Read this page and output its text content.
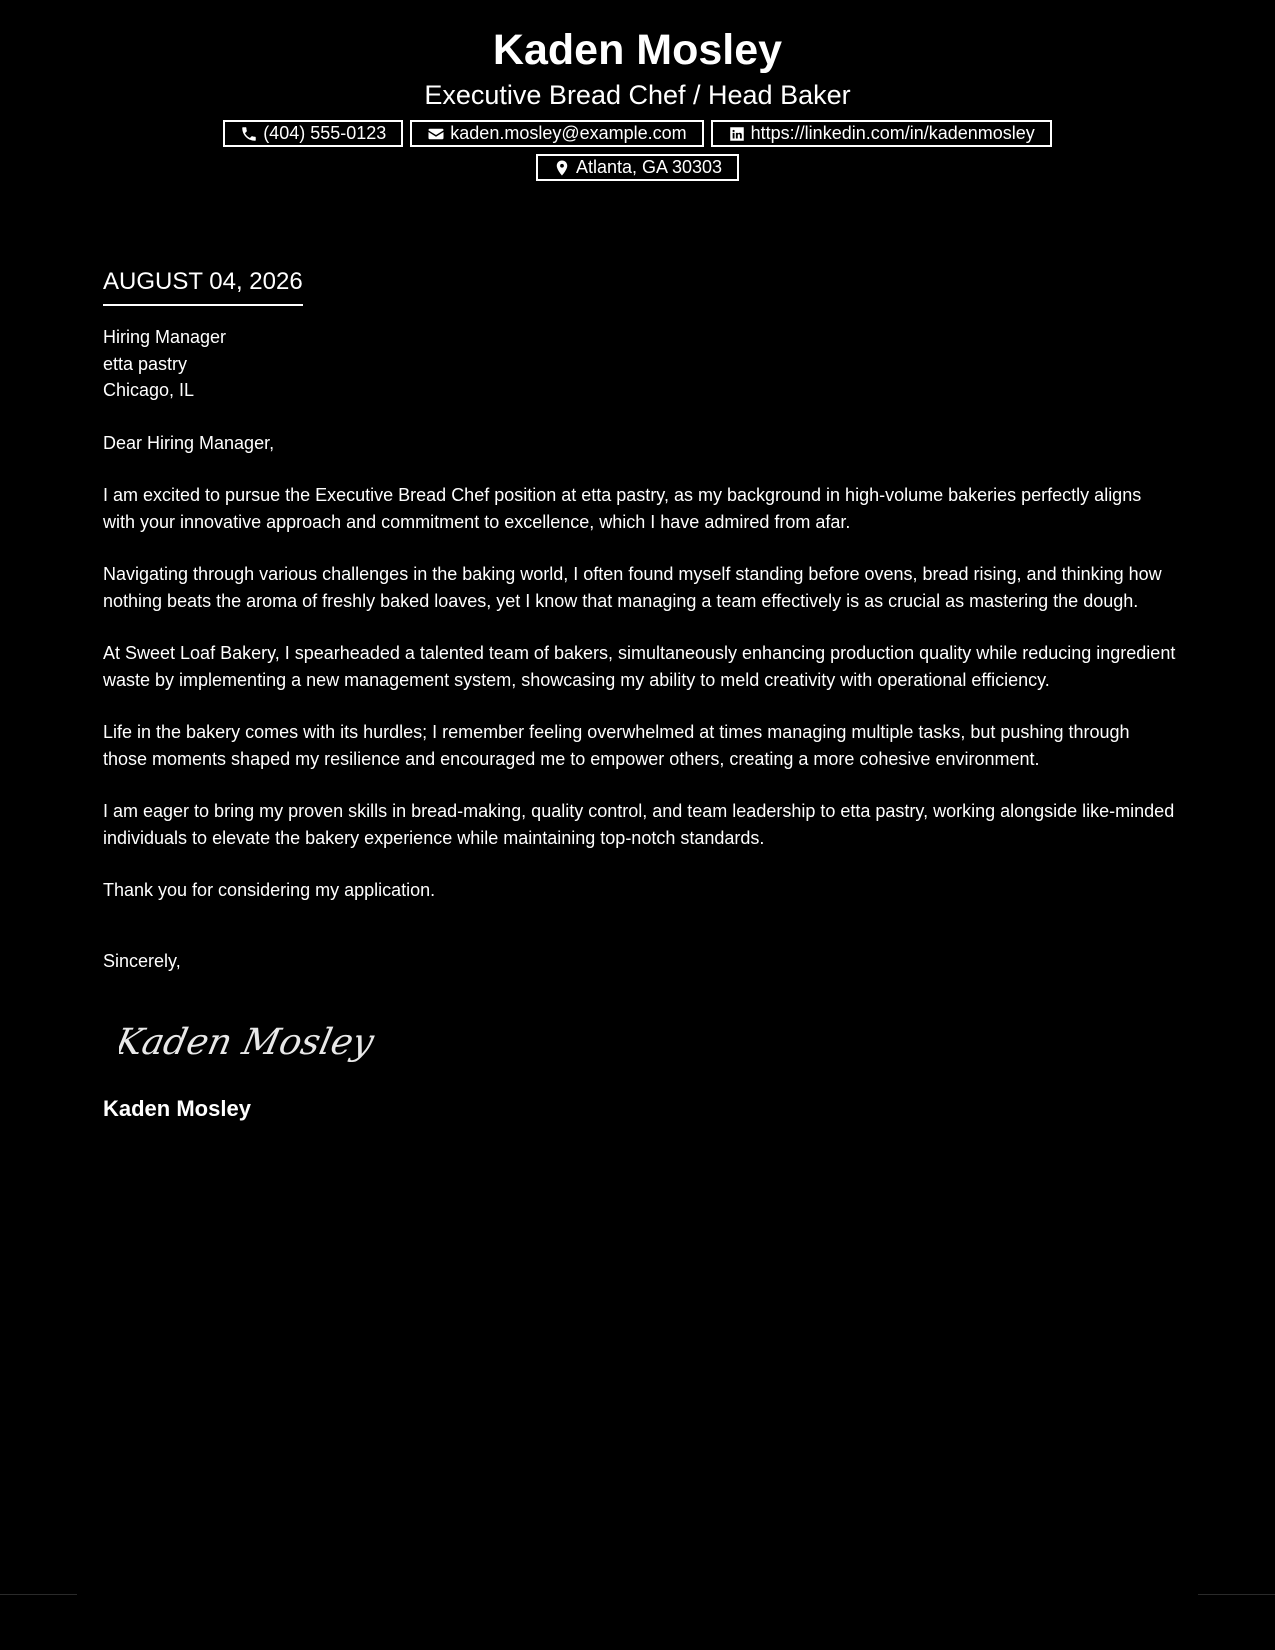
Kaden Mosley
Executive Bread Chef / Head Baker
(404) 555-0123	kaden.mosley@example.com	https://linkedin.com/in/kadenmosley
Atlanta, GA 30303
AUGUST 04, 2026

Hiring Manager

etta pastry

Chicago, IL

Dear Hiring Manager,

I am excited to pursue the Executive Bread Chef position at etta pastry, as my background in high-volume bakeries perfectly aligns with your innovative approach and commitment to excellence, which I have admired from afar.

Navigating through various challenges in the baking world, I often found myself standing before ovens, bread rising, and thinking how nothing beats the aroma of freshly baked loaves, yet I know that managing a team effectively is as crucial as mastering the dough.

At Sweet Loaf Bakery, I spearheaded a talented team of bakers, simultaneously enhancing production quality while reducing ingredient waste by implementing a new management system, showcasing my ability to meld creativity with operational efficiency.

Life in the bakery comes with its hurdles; I remember feeling overwhelmed at times managing multiple tasks, but pushing through those moments shaped my resilience and encouraged me to empower others, creating a more cohesive environment.

I am eager to bring my proven skills in bread-making, quality control, and team leadership to etta pastry, working alongside like-minded individuals to elevate the bakery experience while maintaining top-notch standards.

Thank you for considering my application.

Sincerely,

Kaden Mosley
Kaden Mosley
